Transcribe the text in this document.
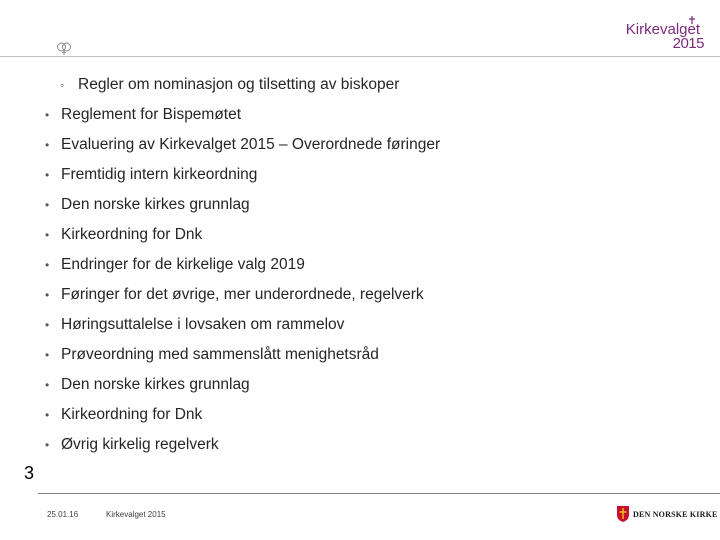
Kirkevalget
2015
◦ Regler om nominasjon og tilsetting av biskoper
• Reglement for Bispemøtet
• Evaluering av Kirkevalget 2015 – Overordnede føringer
• Fremtidig intern kirkeordning
• Den norske kirkes grunnlag
• Kirkeordning for Dnk
• Endringer for de kirkelige valg 2019
• Føringer for det øvrige, mer underordnede, regelverk
• Høringsuttalelse i lovsaken om rammelov
• Prøveordning med sammenslått menighetsråd
• Den norske kirkes grunnlag
• Kirkeordning for Dnk
• Øvrig kirkelig regelverk
3
25.01.16	Kirkevalget 2015	DEN NORSKE KIRKE
